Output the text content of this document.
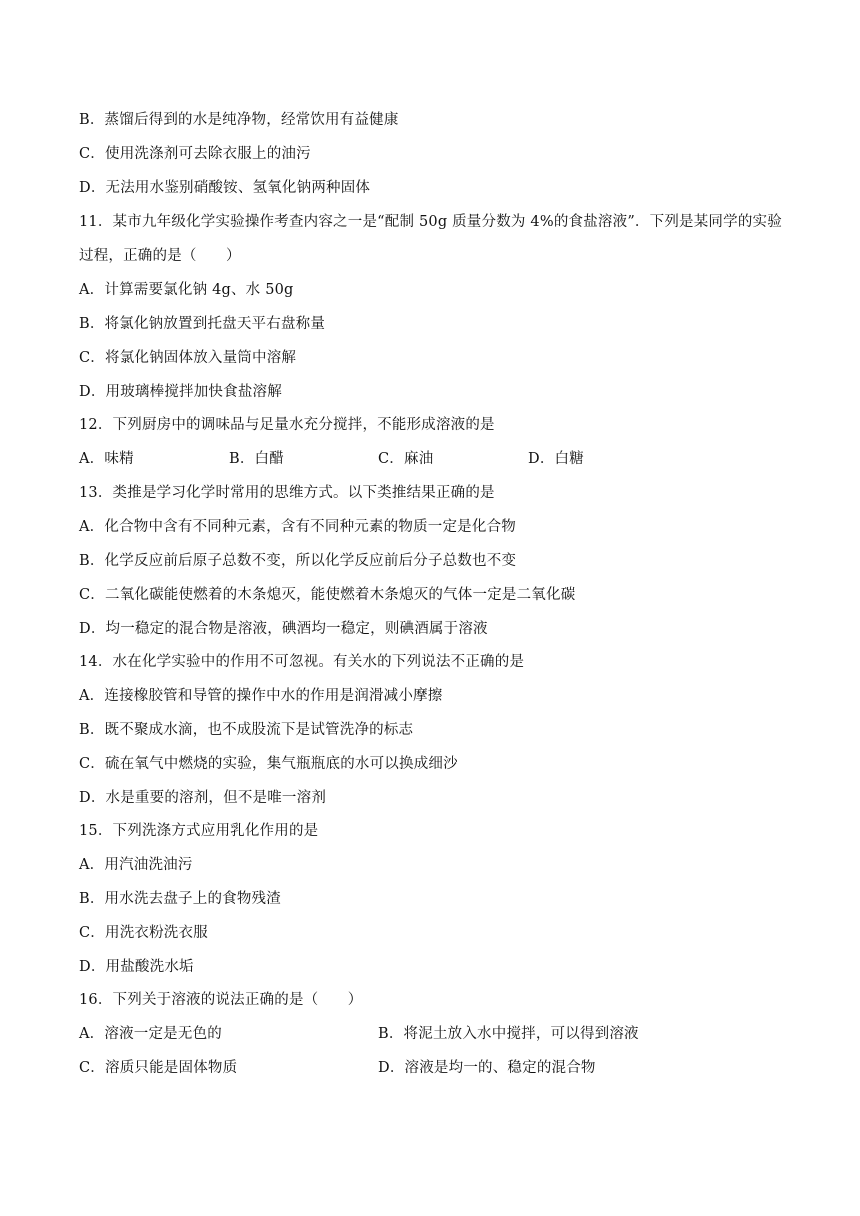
B．蒸馏后得到的水是纯净物，经常饮用有益健康
C．使用洗涤剂可去除衣服上的油污
D．无法用水鉴别硝酸铵、氢氧化钠两种固体
11．某市九年级化学实验操作考查内容之一是“配制 50g 质量分数为 4%的食盐溶液”．下列是某同学的实验
过程，正确的是（　　）
A．计算需要氯化钠 4g、水 50g
B．将氯化钠放置到托盘天平右盘称量
C．将氯化钠固体放入量筒中溶解
D．用玻璃棒搅拌加快食盐溶解
12．下列厨房中的调味品与足量水充分搅拌，不能形成溶液的是
A．味精	B．白醋	C．麻油	D．白糖
13．类推是学习化学时常用的思维方式。以下类推结果正确的是
A．化合物中含有不同种元素，含有不同种元素的物质一定是化合物
B．化学反应前后原子总数不变，所以化学反应前后分子总数也不变
C．二氧化碳能使燃着的木条熄灭，能使燃着木条熄灭的气体一定是二氧化碳
D．均一稳定的混合物是溶液，碘酒均一稳定，则碘酒属于溶液
14．水在化学实验中的作用不可忽视。有关水的下列说法不正确的是
A．连接橡胶管和导管的操作中水的作用是润滑减小摩擦
B．既不聚成水滴，也不成股流下是试管洗净的标志
C．硫在氧气中燃烧的实验，集气瓶瓶底的水可以换成细沙
D．水是重要的溶剂，但不是唯一溶剂
15．下列洗涤方式应用乳化作用的是
A．用汽油洗油污
B．用水洗去盘子上的食物残渣
C．用洗衣粉洗衣服
D．用盐酸洗水垢
16．下列关于溶液的说法正确的是（　　）
A．溶液一定是无色的	B．将泥土放入水中搅拌，可以得到溶液
C．溶质只能是固体物质	D．溶液是均一的、稳定的混合物
